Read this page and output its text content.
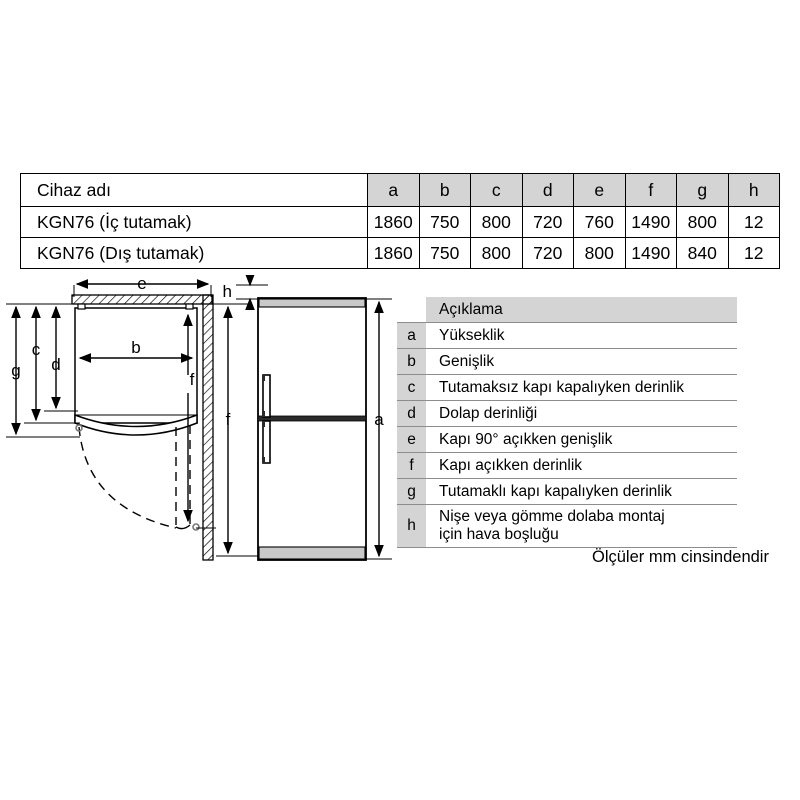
Cihaz adı	a	b	c	d	e	f	g	h
KGN76 (İç tutamak)	1860	750	800	720	760	1490	800	12
KGN76 (Dış tutamak)	1860	750	800	720	800	1490	840	12
	Açıklama
a	Yükseklik
b	Genişlik
c	Tutamaksız kapı kapalıyken derinlik
d	Dolap derinliği
e	Kapı 90° açıkken genişlik
f	Kapı açıkken derinlik
g	Tutamaklı kapı kapalıyken derinlik
h	Nişe veya gömme dolaba montaj
için hava boşluğu
Ölçüler mm cinsindendir
g
c
d
e
b
h
f
f
a
